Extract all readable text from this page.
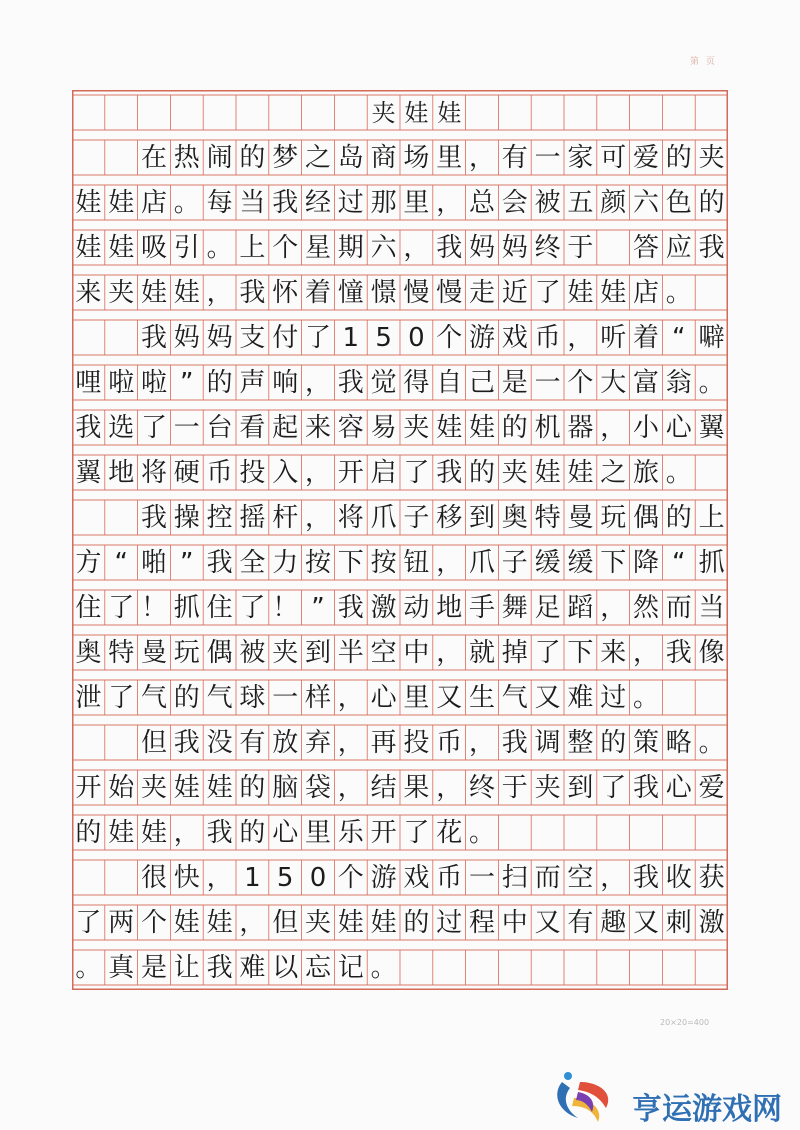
第 页
夹 娃 娃
在 热 闹 的 梦 之 岛 商 场 里 ， 有 一 家 可 爱 的 夹
娃 娃 店 。 每 当 我 经 过 那 里 ， 总 会 被 五 颜 六 色 的
娃 娃 吸 引 。 上 个 星 期 六 ， 我 妈 妈 终 于 答 应 我
来 夹 娃 娃 ， 我 怀 着 憧 憬 慢 慢 走 近 了 娃 娃 店 。
我 妈 妈 支 付 了 1 5 0 个 游 戏 币 ， 听 着 “ 噼
哩 啦 啦 ” 的 声 响 ， 我 觉 得 自 己 是 一 个 大 富 翁 。
我 选 了 一 台 看 起 来 容 易 夹 娃 娃 的 机 器 ， 小 心 翼
翼 地 将 硬 币 投 入 ， 开 启 了 我 的 夹 娃 娃 之 旅 。
我 操 控 摇 杆 ， 将 爪 子 移 到 奥 特 曼 玩 偶 的 上
方 “ 啪 ” 我 全 力 按 下 按 钮 ， 爪 子 缓 缓 下 降 “ 抓
住 了 ！ 抓 住 了 ！ ” 我 激 动 地 手 舞 足 蹈 ， 然 而 当
奥 特 曼 玩 偶 被 夹 到 半 空 中 ， 就 掉 了 下 来 ， 我 像
泄 了 气 的 气 球 一 样 ， 心 里 又 生 气 又 难 过 。
但 我 没 有 放 弃 ， 再 投 币 ， 我 调 整 的 策 略 。
开 始 夹 娃 娃 的 脑 袋 ， 结 果 ， 终 于 夹 到 了 我 心 爱
的 娃 娃 ， 我 的 心 里 乐 开 了 花 。
很 快 ， 1 5 0 个 游 戏 币 一 扫 而 空 ， 我 收 获
了 两 个 娃 娃 ， 但 夹 娃 娃 的 过 程 中 又 有 趣 又 刺 激
。 真 是 让 我 难 以 忘 记 。
20×20=400
亨运游戏网
